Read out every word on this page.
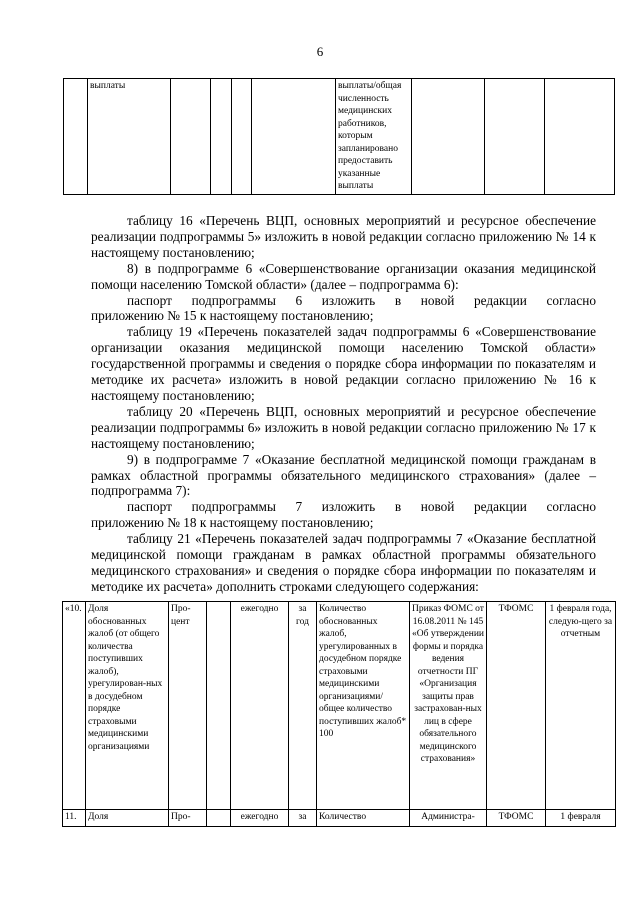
6
	выплаты					выплаты/общая численность медицинских работников, которым запланировано предоставить указанные выплаты			

таблицу 16 «Перечень ВЦП, основных мероприятий и ресурсное обеспечение реализации подпрограммы 5» изложить в новой редакции согласно приложению № 14 к настоящему постановлению;

8) в подпрограмме 6 «Совершенствование организации оказания медицинской помощи населению Томской области» (далее – подпрограмма 6):

паспорт подпрограммы 6 изложить в новой редакции согласно

приложению № 15 к настоящему постановлению;

таблицу 19 «Перечень показателей задач подпрограммы 6 «Совершенствование организации оказания медицинской помощи населению Томской области» государственной программы и сведения о порядке сбора информации по показателям и методике их расчета» изложить в новой редакции согласно приложению № 16 к настоящему постановлению;

таблицу 20 «Перечень ВЦП, основных мероприятий и ресурсное обеспечение реализации подпрограммы 6» изложить в новой редакции согласно приложению № 17 к настоящему постановлению;

9) в подпрограмме 7 «Оказание бесплатной медицинской помощи гражданам в рамках областной программы обязательного медицинского страхования» (далее – подпрограмма 7):

паспорт подпрограммы 7 изложить в новой редакции согласно

приложению № 18 к настоящему постановлению;

таблицу 21 «Перечень показателей задач подпрограммы 7 «Оказание бесплатной медицинской помощи гражданам в рамках областной программы обязательного медицинского страхования» и сведения о порядке сбора информации по показателям и методике их расчета» дополнить строками следующего содержания:

«10.	Доля обоснованных жалоб (от общего количества поступивших жалоб), урегулирован-ных в досудебном порядке страховыми медицинскими организациями	Про-цент		ежегодно	за год	Количество обоснованных жалоб, урегулированных в досудебном порядке страховыми медицинскими организациями/ общее количество поступивших жалоб* 100	Приказ ФОМС от 16.08.2011 № 145 «Об утверждении формы и порядка ведения отчетности ПГ «Организация защиты прав застрахован-ных лиц в сфере обязательного медицинского страхования»	ТФОМС	1 февраля года, следую-щего за отчетным
11.	Доля	Про-		ежегодно	за	Количество	Администра-	ТФОМС	1 февраля
